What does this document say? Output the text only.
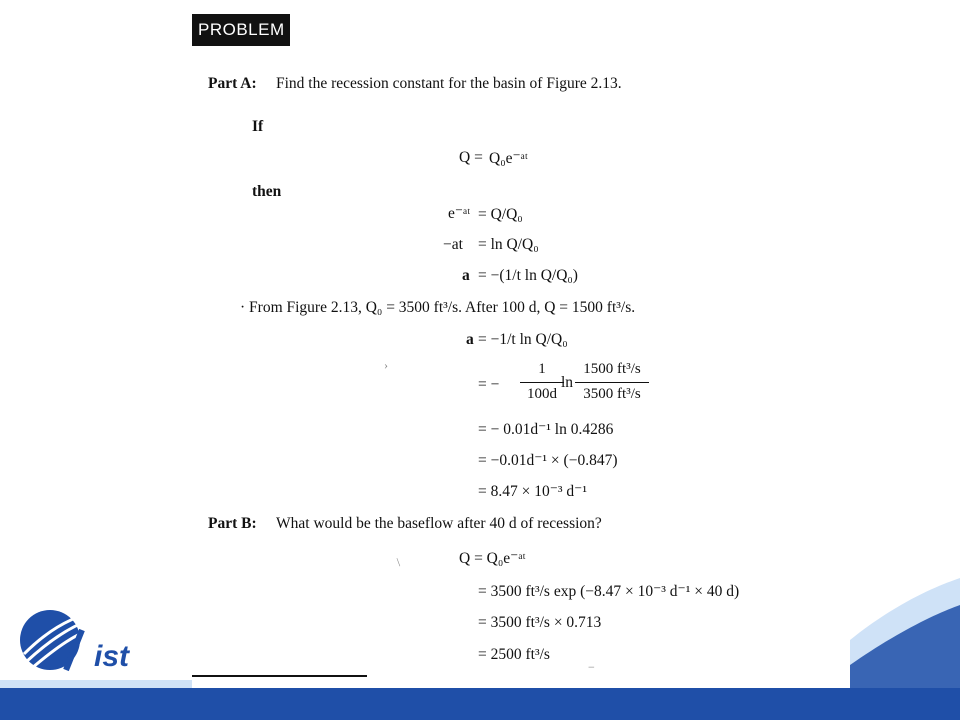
ist
PROBLEM
Part A: Find the recession constant for the basin of Figure 2.13.
If
Q = Q₀e⁻ᵃᵗ
then
e⁻ᵃᵗ = Q/Q₀
−at = ln Q/Q₀
a = −(1/t ln Q/Q₀)
· From Figure 2.13, Q₀ = 3500 ft³/s. After 100 d, Q = 1500 ft³/s.
a = −1/t ln Q/Q₀
= −
1
100d
ln
1500 ft³/s
3500 ft³/s
= − 0.01d⁻¹ ln 0.4286
= −0.01d⁻¹ × (−0.847)
= 8.47 × 10⁻³ d⁻¹
Part B: What would be the baseflow after 40 d of recession?
Q = Q₀e⁻ᵃᵗ
= 3500 ft³/s exp (−8.47 × 10⁻³ d⁻¹ × 40 d)
= 3500 ft³/s × 0.713
= 2500 ft³/s
›
/
−
